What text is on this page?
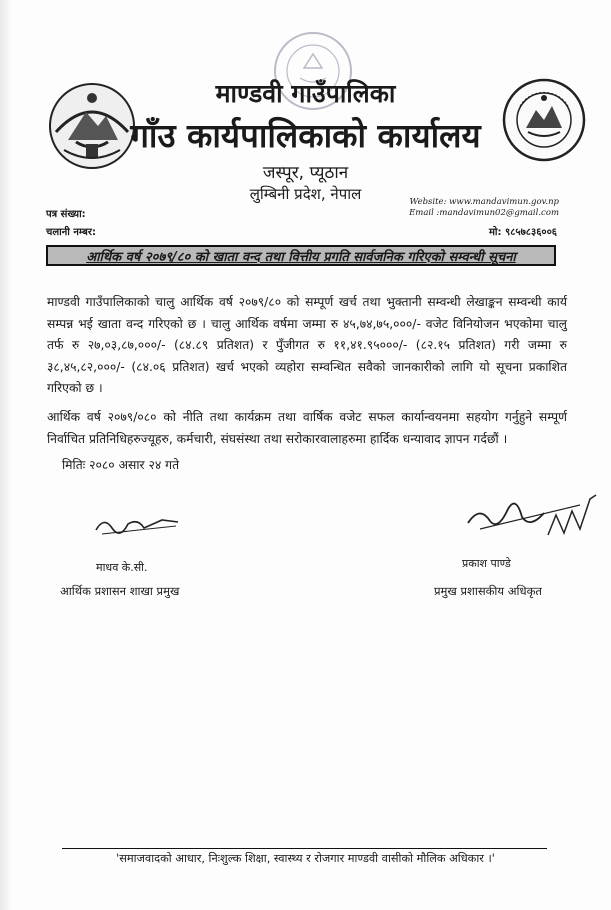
माण्डवी गाउँपालिका
गाँउ कार्यपालिकाको कार्यालय
जस्पूर, प्यूठान
लुम्बिनी प्रदेश, नेपाल	Website: www.mandavimun.gov.np
Email :mandavimun02@gmail.com
मो: ९८५७८३६००६
पत्र संख्या:
चलानी नम्बर:
आर्थिक वर्ष २०७९/८० को खाता वन्द तथा वित्तीय प्रगति सार्वजनिक गरिएको सम्वन्धी सूचना
माण्डवी गाउँपालिकाको चालु आर्थिक वर्ष २०७९/८० को सम्पूर्ण खर्च तथा भुक्तानी सम्वन्धी लेखाङ्कन सम्वन्धी कार्य सम्पन्न भई खाता वन्द गरिएको छ । चालु आर्थिक वर्षमा जम्मा रु ४५,७४,७५,०००/- वजेट विनियोजन भएकोमा चालु तर्फ रु २७,०३,८७,०००/- (८४.८९ प्रतिशत) र पुँजीगत रु ११,४१.९५०००/- (८२.१५ प्रतिशत) गरी जम्मा रु ३८,४५,८२,०००/- (८४.०६ प्रतिशत) खर्च भएको व्यहोरा सम्वन्धित सवैको जानकारीको लागि यो सूचना प्रकाशित गरिएको छ ।
आर्थिक वर्ष २०७९/०८० को नीति तथा कार्यक्रम तथा वार्षिक वजेट सफल कार्यान्वयनमा सहयोग गर्नुहुने सम्पूर्ण निर्वाचित प्रतिनिधिहरुज्यूहरु, कर्मचारी, संघसंस्था तथा सरोकारवालाहरुमा हार्दिक धन्यावाद ज्ञापन गर्दछौं ।
मितिः २०८० असार २४ गते
माधव के.सी.	प्रकाश पाण्डे
आर्थिक प्रशासन शाखा प्रमुख	प्रमुख प्रशासकीय अधिकृत
'समाजवादको आधार, निःशुल्क शिक्षा, स्वास्थ्य र रोजगार माण्डवी वासीको मौलिक अधिकार ।'
